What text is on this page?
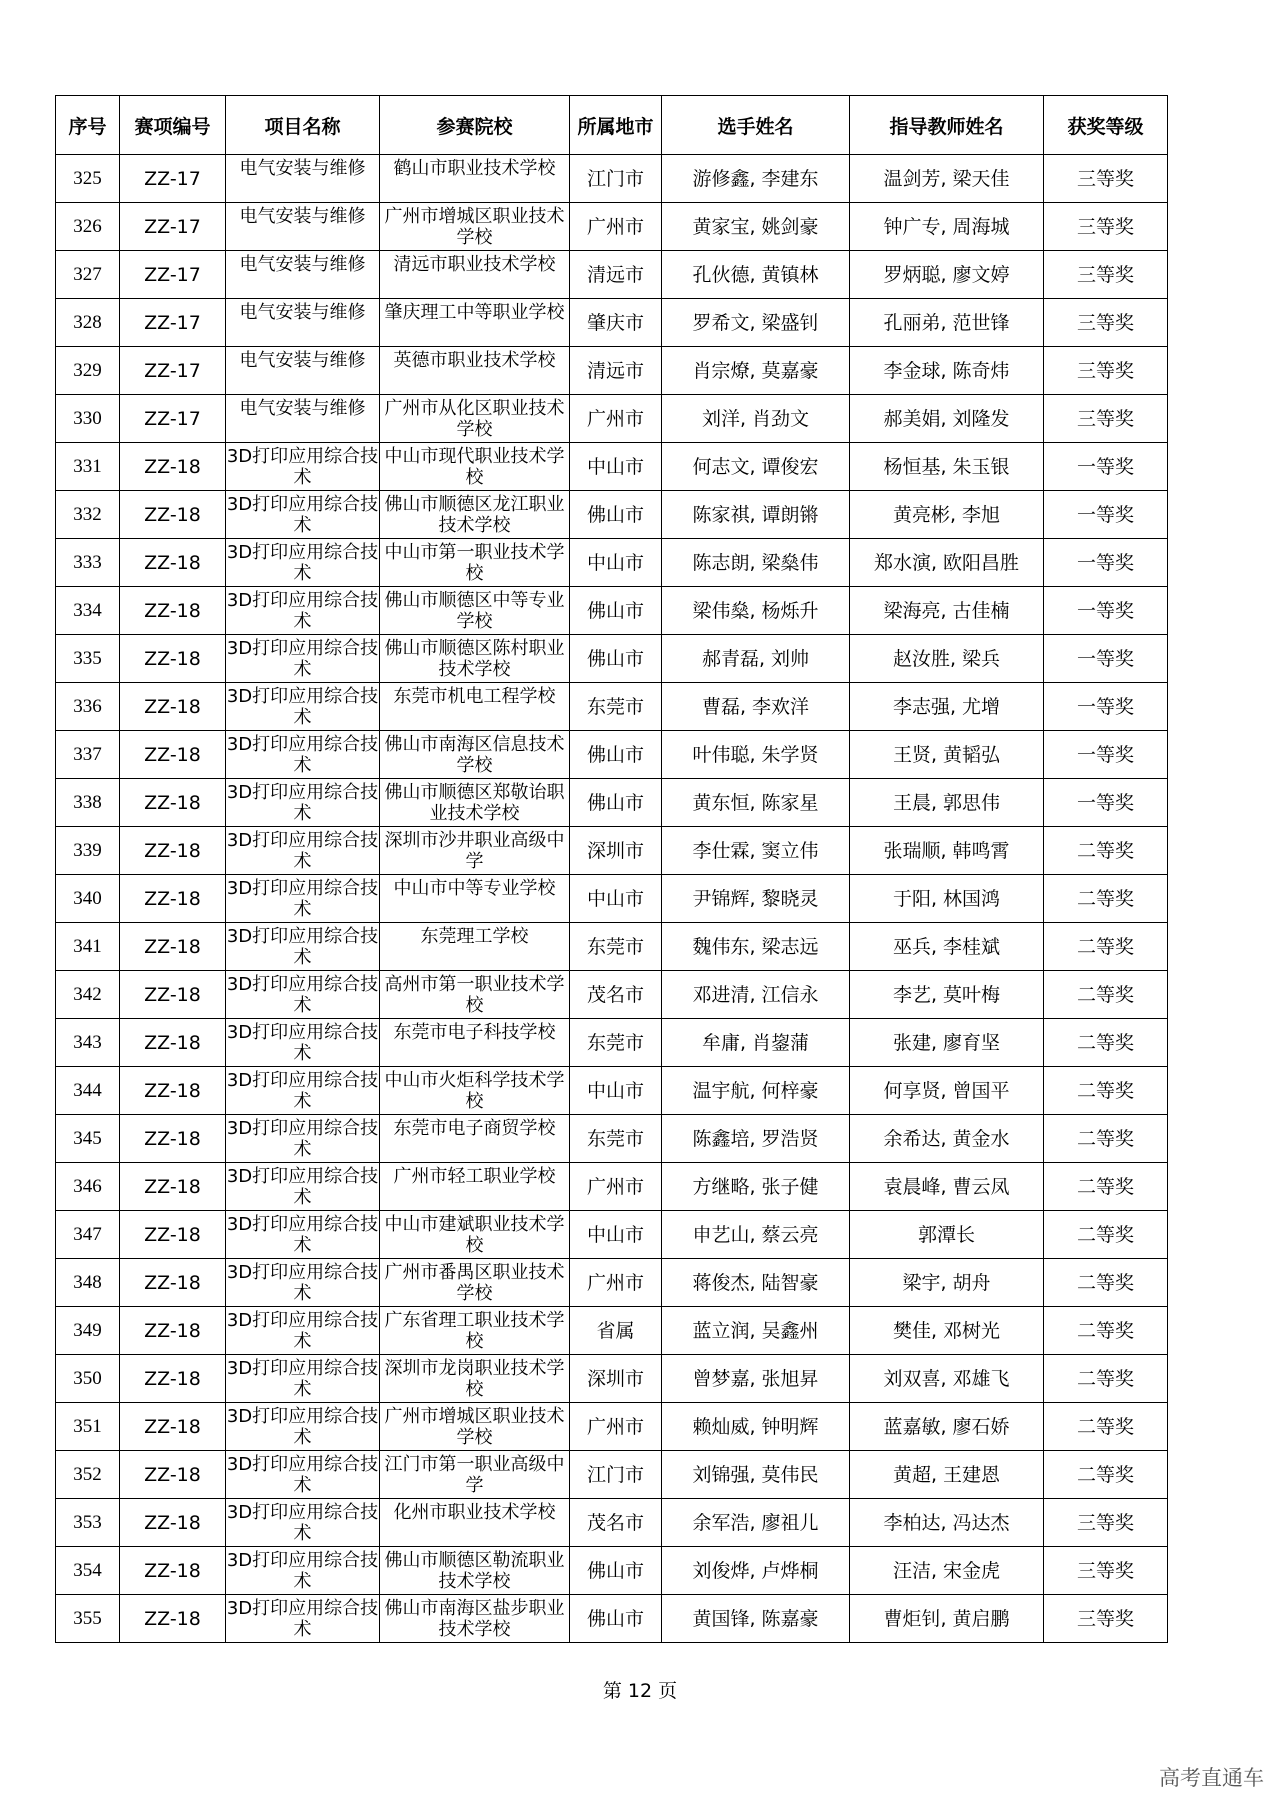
序号	赛项编号	项目名称	参赛院校	所属地市	选手姓名	指导教师姓名	获奖等级
325	ZZ-17	电气安装与维修	鹤山市职业技术学校	江门市	游修鑫, 李建东	温剑芳, 梁天佳	三等奖
326	ZZ-17	电气安装与维修	广州市增城区职业技术学校	广州市	黄家宝, 姚剑豪	钟广专, 周海城	三等奖
327	ZZ-17	电气安装与维修	清远市职业技术学校	清远市	孔伙德, 黄镇林	罗炳聪, 廖文婷	三等奖
328	ZZ-17	电气安装与维修	肇庆理工中等职业学校	肇庆市	罗希文, 梁盛钊	孔丽弟, 范世锋	三等奖
329	ZZ-17	电气安装与维修	英德市职业技术学校	清远市	肖宗燎, 莫嘉豪	李金球, 陈奇炜	三等奖
330	ZZ-17	电气安装与维修	广州市从化区职业技术学校	广州市	刘洋, 肖劲文	郝美娟, 刘隆发	三等奖
331	ZZ-18	3D打印应用综合技术	中山市现代职业技术学校	中山市	何志文, 谭俊宏	杨恒基, 朱玉银	一等奖
332	ZZ-18	3D打印应用综合技术	佛山市顺德区龙江职业技术学校	佛山市	陈家祺, 谭朗锵	黄亮彬, 李旭	一等奖
333	ZZ-18	3D打印应用综合技术	中山市第一职业技术学校	中山市	陈志朗, 梁燊伟	郑水演, 欧阳昌胜	一等奖
334	ZZ-18	3D打印应用综合技术	佛山市顺德区中等专业学校	佛山市	梁伟燊, 杨烁升	梁海亮, 古佳楠	一等奖
335	ZZ-18	3D打印应用综合技术	佛山市顺德区陈村职业技术学校	佛山市	郝青磊, 刘帅	赵汝胜, 梁兵	一等奖
336	ZZ-18	3D打印应用综合技术	东莞市机电工程学校	东莞市	曹磊, 李欢洋	李志强, 尤增	一等奖
337	ZZ-18	3D打印应用综合技术	佛山市南海区信息技术学校	佛山市	叶伟聪, 朱学贤	王贤, 黄韬弘	一等奖
338	ZZ-18	3D打印应用综合技术	佛山市顺德区郑敬诒职业技术学校	佛山市	黄东恒, 陈家星	王晨, 郭思伟	一等奖
339	ZZ-18	3D打印应用综合技术	深圳市沙井职业高级中学	深圳市	李仕霖, 窦立伟	张瑞顺, 韩鸣霄	二等奖
340	ZZ-18	3D打印应用综合技术	中山市中等专业学校	中山市	尹锦辉, 黎晓灵	于阳, 林国鸿	二等奖
341	ZZ-18	3D打印应用综合技术	东莞理工学校	东莞市	魏伟东, 梁志远	巫兵, 李桂斌	二等奖
342	ZZ-18	3D打印应用综合技术	高州市第一职业技术学校	茂名市	邓进清, 江信永	李艺, 莫叶梅	二等奖
343	ZZ-18	3D打印应用综合技术	东莞市电子科技学校	东莞市	牟庸, 肖鋆蒲	张建, 廖育坚	二等奖
344	ZZ-18	3D打印应用综合技术	中山市火炬科学技术学校	中山市	温宇航, 何梓豪	何享贤, 曾国平	二等奖
345	ZZ-18	3D打印应用综合技术	东莞市电子商贸学校	东莞市	陈鑫培, 罗浩贤	余希达, 黄金水	二等奖
346	ZZ-18	3D打印应用综合技术	广州市轻工职业学校	广州市	方继略, 张子健	袁晨峰, 曹云凤	二等奖
347	ZZ-18	3D打印应用综合技术	中山市建斌职业技术学校	中山市	申艺山, 蔡云亮	郭潭长	二等奖
348	ZZ-18	3D打印应用综合技术	广州市番禺区职业技术学校	广州市	蒋俊杰, 陆智豪	梁宇, 胡舟	二等奖
349	ZZ-18	3D打印应用综合技术	广东省理工职业技术学校	省属	蓝立润, 吴鑫州	樊佳, 邓树光	二等奖
350	ZZ-18	3D打印应用综合技术	深圳市龙岗职业技术学校	深圳市	曾梦嘉, 张旭昇	刘双喜, 邓雄飞	二等奖
351	ZZ-18	3D打印应用综合技术	广州市增城区职业技术学校	广州市	赖灿威, 钟明辉	蓝嘉敏, 廖石娇	二等奖
352	ZZ-18	3D打印应用综合技术	江门市第一职业高级中学	江门市	刘锦强, 莫伟民	黄超, 王建恩	二等奖
353	ZZ-18	3D打印应用综合技术	化州市职业技术学校	茂名市	余军浩, 廖祖儿	李柏达, 冯达杰	三等奖
354	ZZ-18	3D打印应用综合技术	佛山市顺德区勒流职业技术学校	佛山市	刘俊烨, 卢烨桐	汪洁, 宋金虎	三等奖
355	ZZ-18	3D打印应用综合技术	佛山市南海区盐步职业技术学校	佛山市	黄国锋, 陈嘉豪	曹炬钊, 黄启鹏	三等奖
第 12 页
高考直通车
